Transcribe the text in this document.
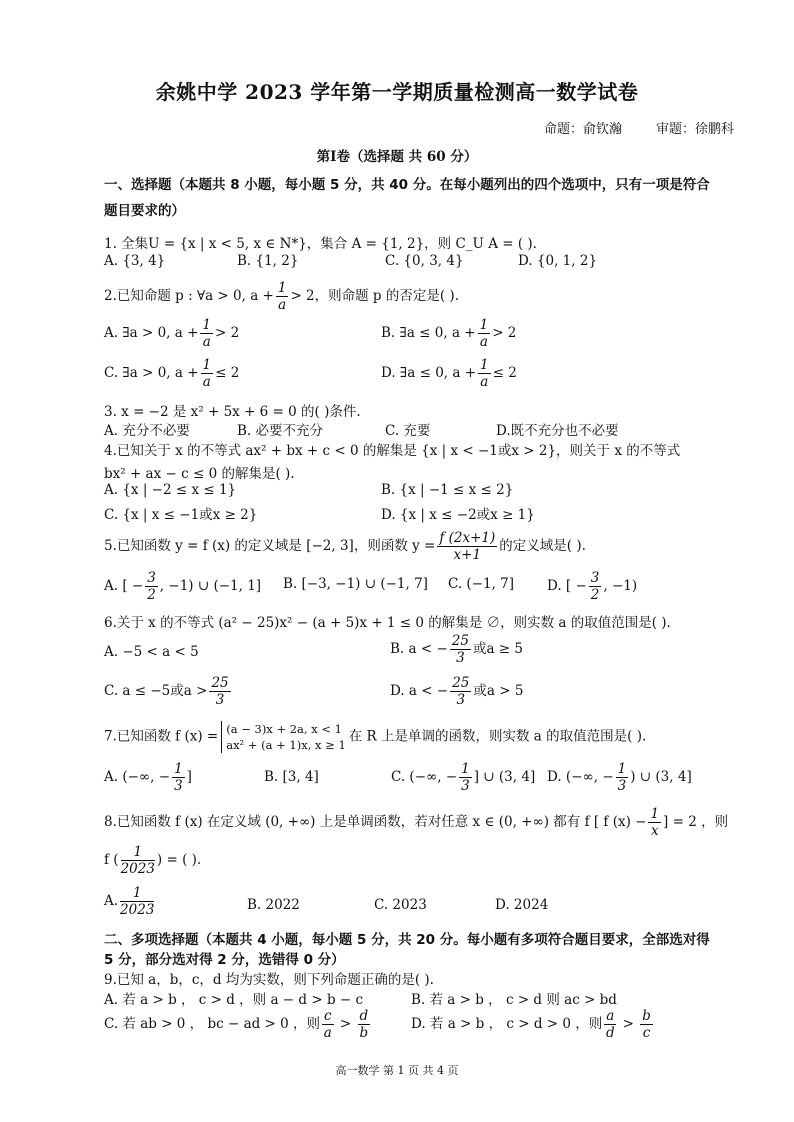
余姚中学 2023 学年第一学期质量检测高一数学试卷
命题：俞钦瀚	审题：徐鹏科
第Ⅰ卷（选择题 共 60 分）
一、选择题（本题共 8 小题，每小题 5 分，共 40 分。在每小题列出的四个选项中，只有一项是符合
题目要求的）
1. 全集U = {x | x < 5, x ∈ N*}，集合 A = {1, 2}，则 C_U A = ( ).
A. {3, 4}	B. {1, 2}	C. {0, 3, 4}	D. {0, 1, 2}
2.已知命题 p : ∀a > 0, $a + \frac{1}{a} > 2$，则命题 p 的否定是( ).
A. ∃a > 0, $a + \frac{1}{a} > 2$	B. ∃a ≤ 0, $a + \frac{1}{a} > 2$
C. ∃a > 0, $a + \frac{1}{a} \le 2$	D. ∃a ≤ 0, $a + \frac{1}{a} \le 2$
3. x = −2 是 x² + 5x + 6 = 0 的( )条件.
A. 充分不必要	B. 必要不充分	C. 充要	D.既不充分也不必要
4.已知关于 x 的不等式 ax² + bx + c < 0 的解集是 {x | x < −1或x > 2}，则关于 x 的不等式
bx² + ax − c ≤ 0 的解集是( ).
A. {x | −2 ≤ x ≤ 1}	B. {x | −1 ≤ x ≤ 2}
C. {x | x ≤ −1或x ≥ 2}	D. {x | x ≤ −2或x ≥ 1}
5.已知函数 y = f (x) 的定义域是 [−2, 3]，则函数 $y = \frac{f (2x+1)}{x+1}$ 的定义域是( ).
A. [ − $\frac{3}{2}$ , −1) ∪ (−1, 1] B. [−3, −1) ∪ (−1, 7] C. (−1, 7] D. [ − $\frac{3}{2}$ , −1)
6.关于 x 的不等式 (a² − 25)x² − (a + 5)x + 1 ≤ 0 的解集是 ∅，则实数 a 的取值范围是( ).
A. −5 < a < 5	B. a < − $\frac{25}{3}$ 或a ≥ 5
C. a ≤ −5或$a > \frac{25}{3}$	D. a < − $\frac{25}{3}$ 或a > 5
7.已知函数 f (x) = (a − 3)x + 2a, x < 1
ax² + (a + 1)x, x ≥ 1
在 R 上是单调的函数，则实数 a 的取值范围是( ).
A. (−∞, − $\frac{1}{3}$ ]	B. [3, 4]	C. (−∞, − $\frac{1}{3}$ ] ∪ (3, 4] D. (−∞, − $\frac{1}{3}$ ) ∪ (3, 4]
8.已知函数 f (x) 在定义域 (0, +∞) 上是单调函数，若对任意 x ∈ (0, +∞) 都有 f [ f $(x) - \frac{1}{x}$ ] = 2 ，则
f ( $\frac{1}{2023}$ ) = ( ).
A. $\frac{1}{2023}$	B. 2022	C. 2023	D. 2024
二、多项选择题（本题共 4 小题，每小题 5 分，共 20 分。每小题有多项符合题目要求，全部选对得
5 分，部分选对得 2 分，选错得 0 分）
9.已知 a，b，c，d 均为实数，则下列命题正确的是( ).
A. 若 a > b ， c > d ，则 a − d > b − c	B. 若 a > b ， c > d 则 ac > bd
C. 若 ab > 0 ， bc − ad > 0 ，则 $\frac{c}{a} > \frac{d}{b}$	D. 若 a > b ， c > d > 0 ，则 $\frac{a}{d} > \frac{b}{c}$
高一数学 第 1 页 共 4 页
